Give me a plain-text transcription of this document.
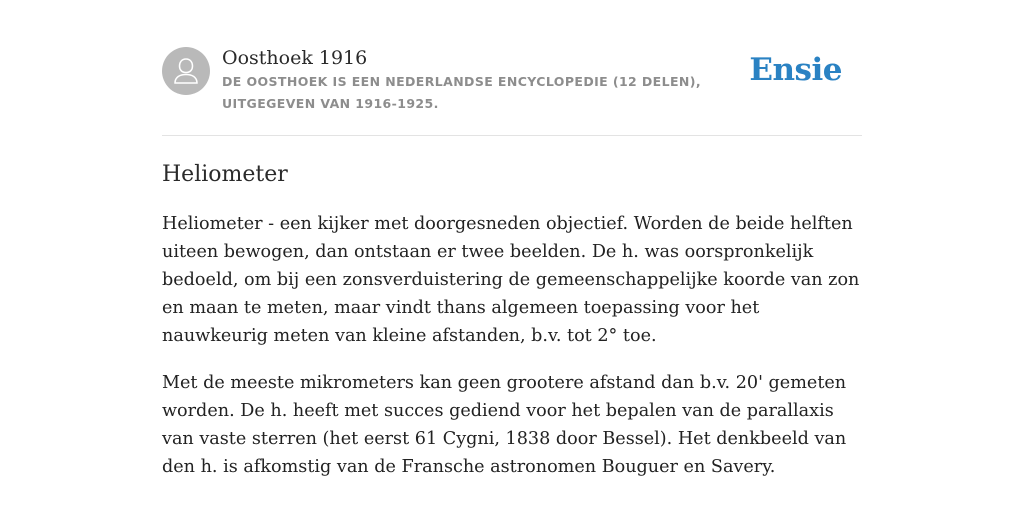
Oosthoek 1916
DE OOSTHOEK IS EEN NEDERLANDSE ENCYCLOPEDIE (12 DELEN), UITGEGEVEN VAN 1916-1925.
Ensie
Heliometer

Heliometer - een kijker met doorgesneden objectief. Worden de beide helften uiteen bewogen, dan ontstaan er twee beelden. De h. was oorspronkelijk bedoeld, om bij een zonsverduistering de gemeenschappelijke koorde van zon en maan te meten, maar vindt thans algemeen toepassing voor het nauwkeurig meten van kleine afstanden, b.v. tot 2° toe.

Met de meeste mikrometers kan geen grootere afstand dan b.v. 20' gemeten worden. De h. heeft met succes gediend voor het bepalen van de parallaxis van vaste sterren (het eerst 61 Cygni, 1838 door Bessel). Het denkbeeld van den h. is afkomstig van de Fransche astronomen Bouguer en Savery.
